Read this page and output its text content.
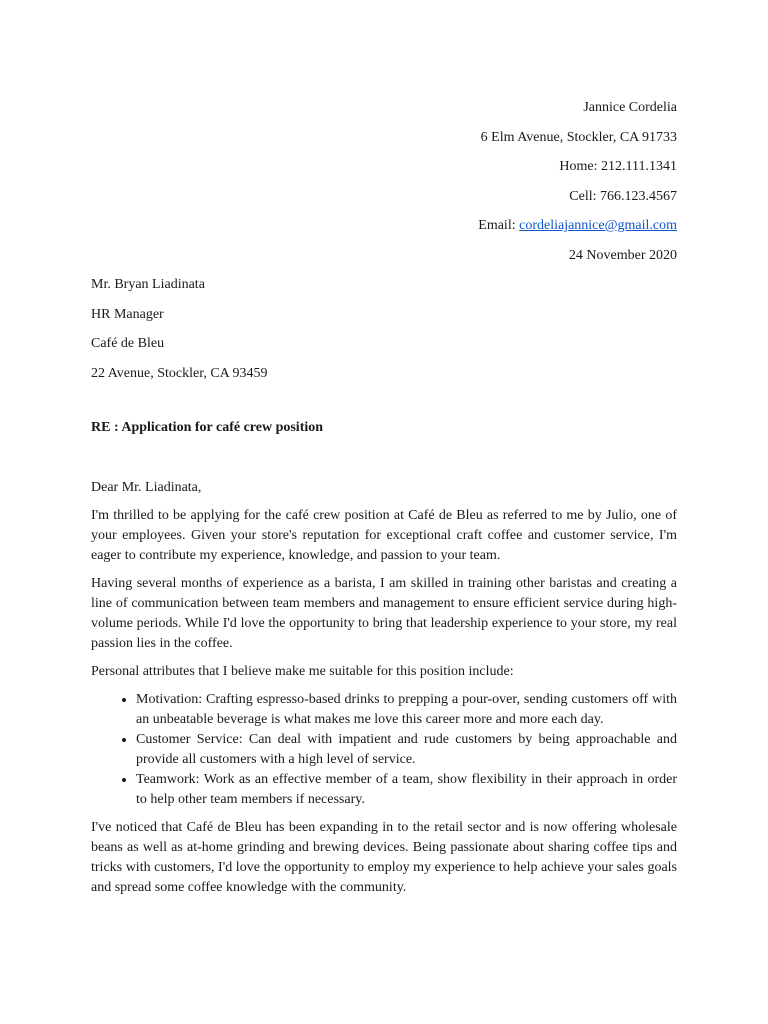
Jannice Cordelia
6 Elm Avenue, Stockler, CA 91733
Home: 212.111.1341
Cell: 766.123.4567
Email: cordeliajannice@gmail.com
24 November 2020
Mr. Bryan Liadinata
HR Manager
Café de Bleu
22 Avenue, Stockler, CA 93459
RE : Application for café crew position
Dear Mr. Liadinata,

I'm thrilled to be applying for the café crew position at Café de Bleu as referred to me by Julio, one of your employees. Given your store's reputation for exceptional craft coffee and customer service, I'm eager to contribute my experience, knowledge, and passion to your team.

Having several months of experience as a barista, I am skilled in training other baristas and creating a line of communication between team members and management to ensure efficient service during high-volume periods. While I'd love the opportunity to bring that leadership experience to your store, my real passion lies in the coffee.

Personal attributes that I believe make me suitable for this position include:

• Motivation: Crafting espresso-based drinks to prepping a pour-over, sending customers off with an unbeatable beverage is what makes me love this career more and more each day.
• Customer Service: Can deal with impatient and rude customers by being approachable and provide all customers with a high level of service.
• Teamwork: Work as an effective member of a team, show flexibility in their approach in order to help other team members if necessary.

I've noticed that Café de Bleu has been expanding in to the retail sector and is now offering wholesale beans as well as at-home grinding and brewing devices. Being passionate about sharing coffee tips and tricks with customers, I'd love the opportunity to employ my experience to help achieve your sales goals and spread some coffee knowledge with the community.
